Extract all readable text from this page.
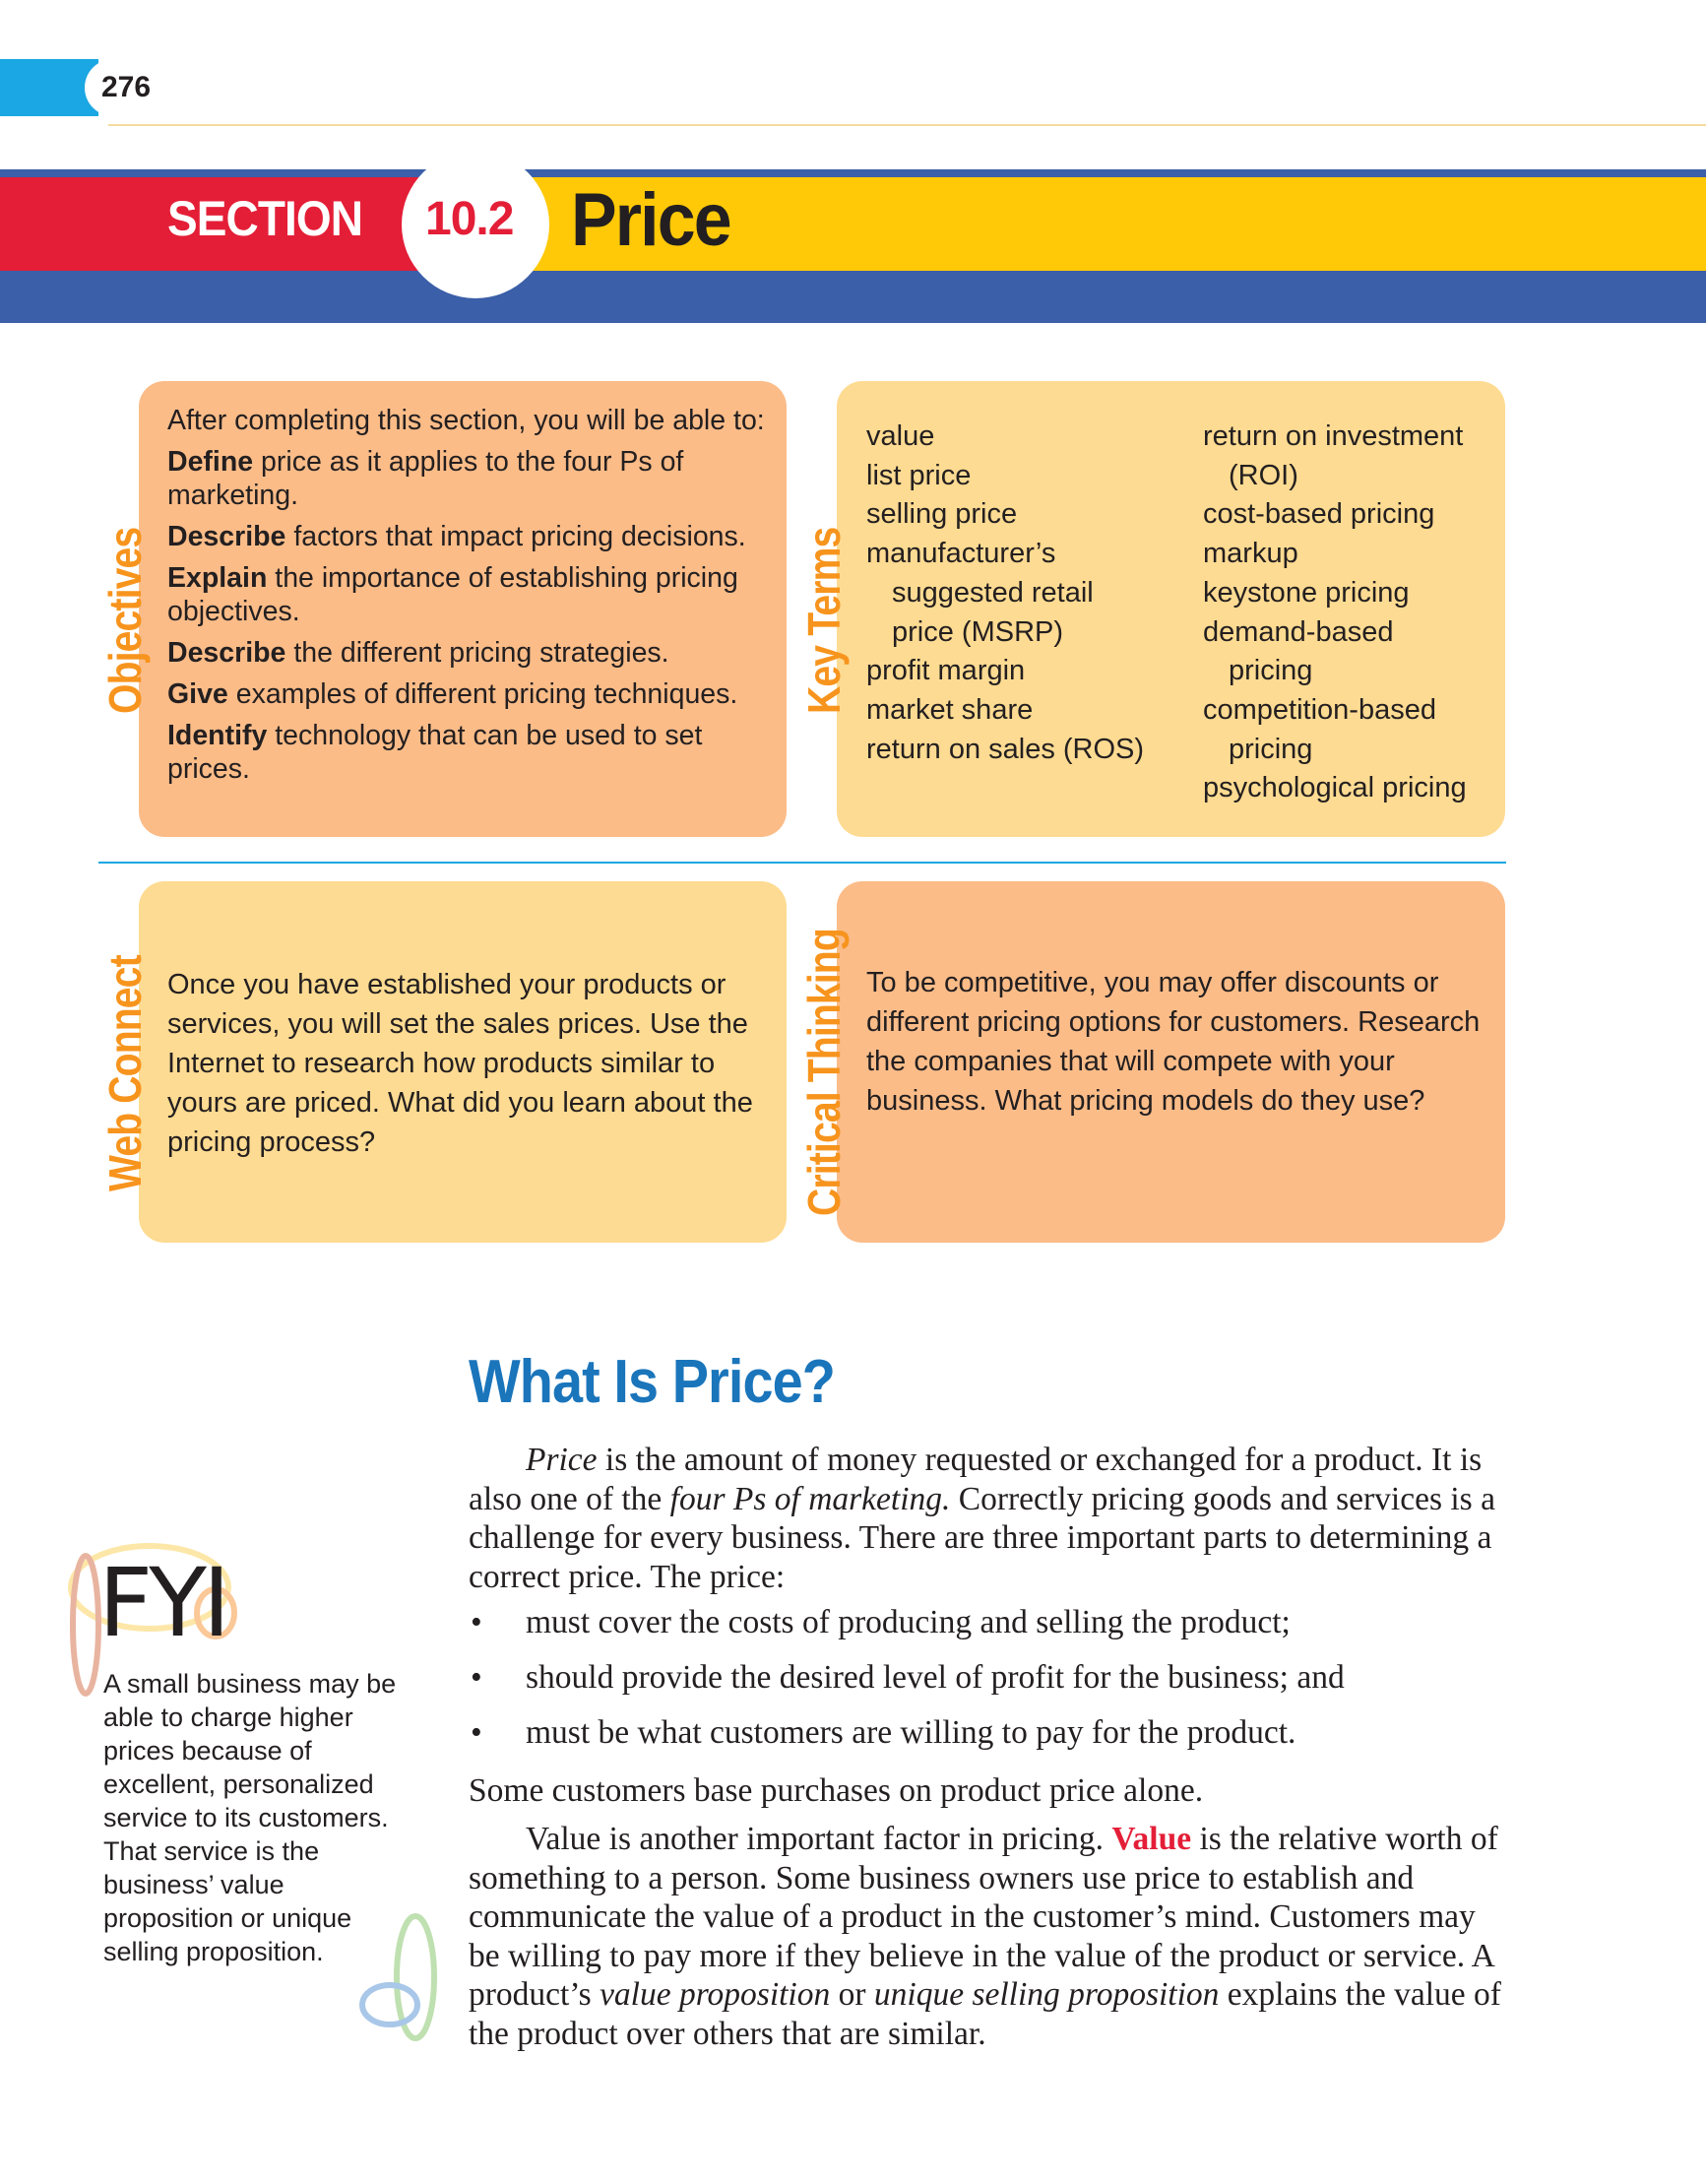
276
SECTION 10.2 Price
Objectives	Key Terms
Web Connect	Critical Thinking

After completing this section, you will be able to:

Define price as it applies to the four Ps of marketing.

Describe factors that impact pricing decisions.

Explain the importance of establishing pricing objectives.

Describe the different pricing strategies.

Give examples of different pricing techniques.

Identify technology that can be used to set prices.

value
list price
selling price
manufacturer’s
suggested retail
price (MSRP)
profit margin
market share
return on sales (ROS)
return on investment
(ROI)
cost-based pricing
markup
keystone pricing
demand-based
pricing
competition-based
pricing
psychological pricing
Once you have established your products or services, you will set the sales prices. Use the Internet to research how products similar to yours are priced. What did you learn about the pricing process?
To be competitive, you may offer discounts or different pricing options for customers. Research the companies that will compete with your business. What pricing models do they use?
What Is Price?
Price is the amount of money requested or exchanged for a product. It is also one of the four Ps of marketing. Correctly pricing goods and services is a challenge for every business. There are three important parts to determining a correct price. The price:
• must cover the costs of producing and selling the product;
• should provide the desired level of profit for the business; and
• must be what customers are willing to pay for the product.
Some customers base purchases on product price alone.
Value is another important factor in pricing. Value is the relative worth of something to a person. Some business owners use price to establish and communicate the value of a product in the customer’s mind. Customers may be willing to pay more if they believe in the value of the product or service. A product’s value proposition or unique selling proposition explains the value of the product over others that are similar.
FYI
A small business may be able to charge higher prices because of excellent, personalized service to its customers. That service is the business’ value proposition or unique selling proposition.
